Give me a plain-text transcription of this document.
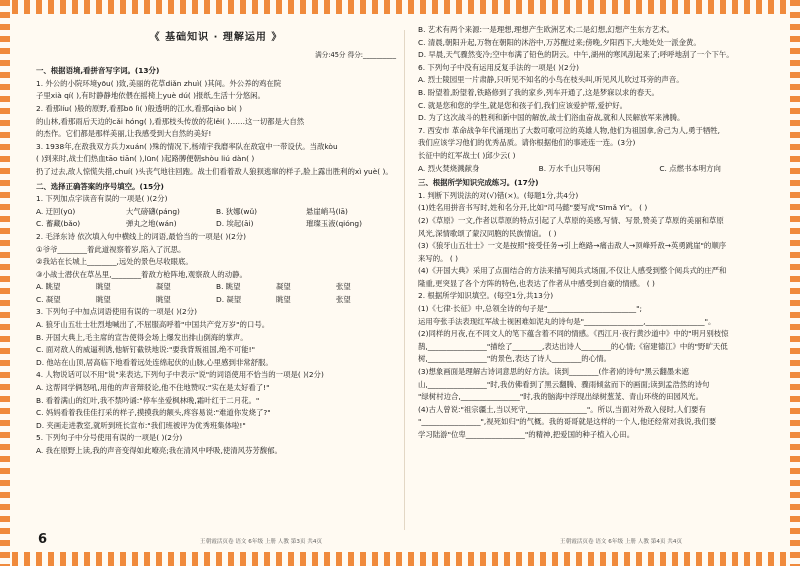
《 基础知识 · 理解运用 》
满分:45分 得分:__________
一、根据语境,看拼音写字词。(13分)
1. 外公的小院环境yōu( )致,美丽的花草diǎn zhuì( )其间。外公养的鸡在院
子里xià qí( ),有时静静地依偎在摇椅上yuè dú( )报纸,生活十分悠闲。
2. 看那líu( )般的原野,看那bō lì( )般透明的江水,看那qiào bì( )
的山林,看那雨后天边的cǎi hóng( ),看那枝头传放的花lěi( )……这一切都是大自然
的杰作。它们都是那样美丽,让我感受到大自然的美好!
3. 1938年,在敌我双方兵力xuán( )殊的情况下,杨靖宇我磨率队在敌寇中一带设伏。当敌kòu
( )到来时,战士们热血tāo tiān( ),lūn( )起路膊便朝shòu liú dàn( )
扔了过去,敌人惊慌失措,chuí( )头丧气地往回跑。战士们看着敌人狼狈逃窜的样子,脸上露出胜利的xì yuè( )。
二、选择正确答案的序号填空。(15分)
1. 下列加点字读音有误的一项是( )(2分)
A. 迂回(yū)	大气磅礴(páng)	B. 狄娜(wǔ)	悬崖峭马(lā)
C. 蓄藏(bǎo)	弹丸之地(wán)	D. 埃起(āi)	璀璨玉液(qióng)
2. 毛泽东诗 依次填入句中横线上的词语,最恰当的一项是( )(2分)
①爷爷________着此道视察着岁,陷入了沉思。
②我站在长城上________,远处的景色尽收眼底。
③小战士潜伏在草丛里,________着敌方枪阵地,观察敌人的动静。
A. 眺望	眺望	凝望	B. 眺望	凝望	张望
C. 凝望	眺望	眺望	D. 凝望	眺望	张望
3. 下列句子中加点词语使用有误的一项是( )(2分)
A. 狼牙山五壮士壮烈地喊出了,不屈服高呼着"中国共产党万岁"的口号。
B. 开国大典上,毛主席的宣告使得会场上爆发出排山倒海的掌声。
C. 面对敌人的威逼利诱,他斩钉截铁地说:"要我背叛祖国,绝不可能!"
D. 他站在山顶,居高临下地看着远处连绵起伏的山脉,心里感到非常舒服。
4. 人物说话可以不用"说"来表达,下列句子中表示"说"的词语使用不恰当的一项是( )(2分)
A. 这帮同学俩怒吼,用他的声音辩驳论,他不住地赞叹:"实在是太好看了!"
B. 看着满山的红叶,我不禁吟诵:"停车坐爱枫林晚,霜叶红于二月花。"
C. 妈妈看着我佳佳打采的样子,摸摸我的额头,疼容易说:"难道你发烧了?"
D. 夹画走进教室,就听到班长宣布:"我们班被评为优秀班集体啦!"
5. 下列句子中分号使用有误的一项是( )(2分)
A. 我在原野上读,我的声音变得如此嘹亮;我在清风中呼吸,使清风芬芳馥郁。
B. 艺术有两个来源:一是理想,理想产生欧洲艺术;二是幻想,幻想产生东方艺术。
C. 清晨,朝阳升起,万物在朝阳的沐浴中,万苏醒过来;傍晚,夕阳西下,大地处处一派金黄。
D. 早晨,天气骤然变冷;空中布满了铅色的阴云。中午,湖州的寒风刮起来了;呼呼地刮了一个下午。
6. 下列句子中没有运用反复手法的一项是( )(2分)
A. 烈士陵园里一片肃静,只听见不知名的小鸟在枝头叫,听见风儿吹过耳旁的声音。
B. 盼望着,盼望着,铁路修到了我的家乡,列车开通了,这是梦寐以求的春天。
C. 就是您和您的学生,就是您和孩子们,我们应该爱护帮,爱护好。
D. 为了这次战斗的胜利和新中国的解放,战士们浴血奋战,就和人民解放军来沸腾。
7. 西安市 革命战争年代涌现出了大数可歌可泣的英雄人物,他们为祖国拿,舍己为人,勇于牺牲,
我们应该学习他们的优秀品质。请你根据他们的事迹连一连。(3分)
长征中的红军战士( ) 邱少云( )
A. 烈火焚烧溅献身	B. 万水千山只等闲	C. 点燃书本明方向
三、根据所学知识完成练习。(17分)
1. 判断下列说法的对(√)错(×)。(每题1分,共4分)
(1)姓名用拼音书写时,姓和名分开,比如"司马懿"要写成"Sīmǎ Yì"。 ( )
(2)《草原》一文,作者以草原的特点引起了人草原的美感,写情、写景,赞美了草原的美丽和草原
风光,深情歌颂了蒙汉同胞的民族情谊。 ( )
(3)《狼牙山五壮士》一文是按照"接受任务→引上绝路→痛击敌人→顶峰歼敌→英勇跳崖"的顺序
来写的。 ( )
(4)《开国大典》采用了点面结合的方法来描写阅兵式场面,不仅让人感受到整个阅兵式的庄严和
隆重,更突显了各个方阵的特色,也表达了作者从中感受到自豪的情感。 ( )
2. 根据所学知识填空。(每空1分,共13分)
(1)《七律·长征》中,总领全诗的句子是"________________________";
运用夸张手法表现红军战士视困难如泥丸的诗句是"________________,________________"。
(2)同样的月夜,在不同文人的笔下蕴含着不同的情感。《西江月·夜行黄沙道中》中的"明月别枝惊
鹊,________________"描绘了________,表达出诗人________的心情;《宿建德江》中的"野旷天低
树,________________"的景色,表达了诗人________的心情。
(3)想象画面是理解古诗词意思的好方法。读到________(作者)的诗句"黑云翻墨未遮
山,________________"时,我仿佛看到了黑云翻腾、骤雨倾盆而下的画面;读到孟浩然的诗句
"绿树村边合,________________"时,我的脑海中浮现出绿树葱茏、青山环绕的田园风光。
(4)古人曾说:"祖宗疆土,当以死守,________________"。所以,当面对外敌入侵时,人们要有
"________________",视死如归"的气概。我的哥哥就是这样的一个人,他还经常对我说,我们要
学习陆游"位卑________________"的精神,把爱国的种子植入心田。
6	王朝霞活页卷 语文 6年级 上册 人教 第3页 共4页	王朝霞活页卷 语文 6年级 上册 人教 第4页 共4页
